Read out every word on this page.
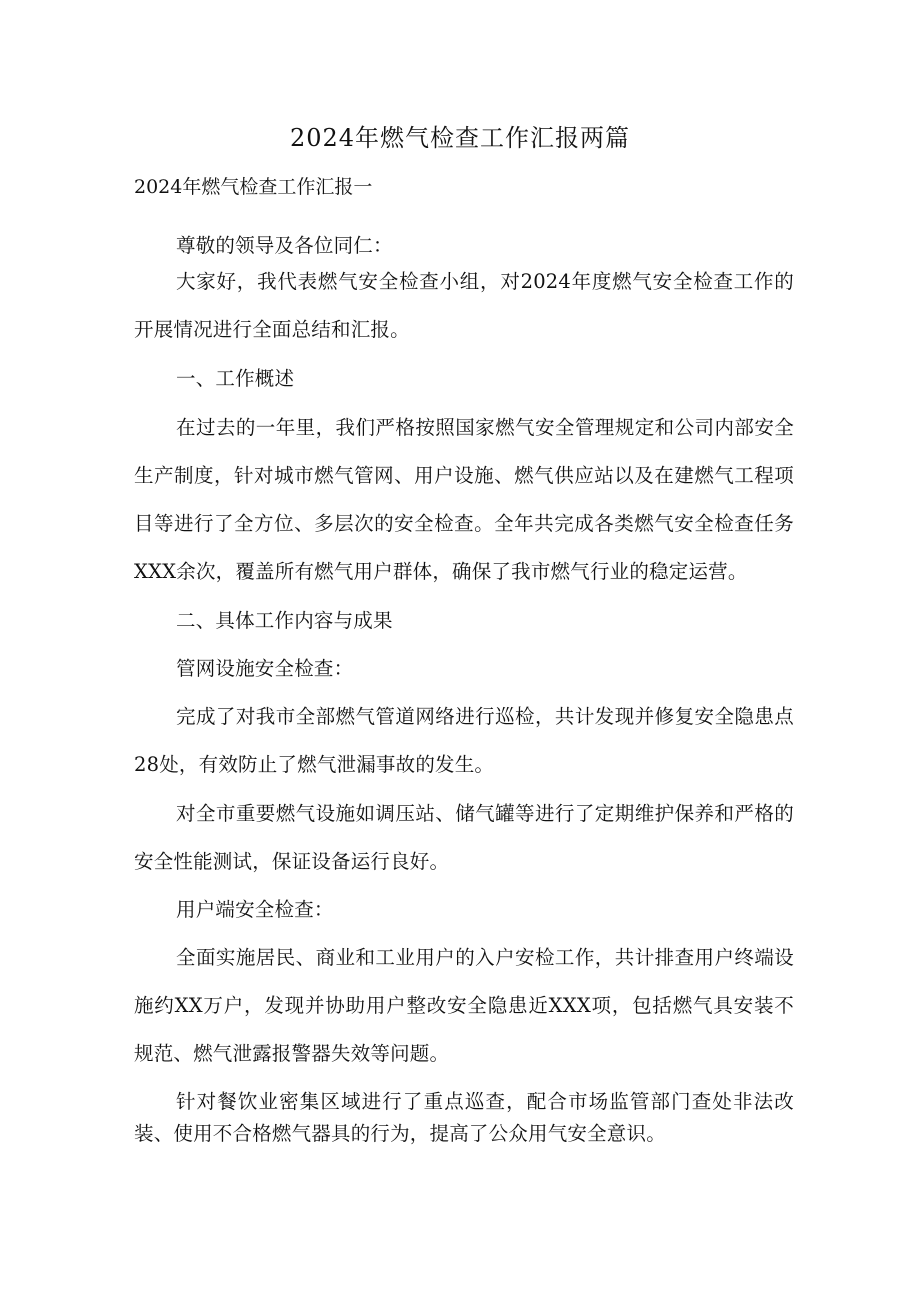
2024年燃气检查工作汇报两篇

2024年燃气检查工作汇报一

尊敬的领导及各位同仁：

大家好，我代表燃气安全检查小组，对2024年度燃气安全检查工作的开展情况进行全面总结和汇报。

一、工作概述

在过去的一年里，我们严格按照国家燃气安全管理规定和公司内部安全生产制度，针对城市燃气管网、用户设施、燃气供应站以及在建燃气工程项目等进行了全方位、多层次的安全检查。全年共完成各类燃气安全检查任务XXX余次，覆盖所有燃气用户群体，确保了我市燃气行业的稳定运营。

二、具体工作内容与成果

管网设施安全检查：

完成了对我市全部燃气管道网络进行巡检，共计发现并修复安全隐患点28处，有效防止了燃气泄漏事故的发生。

对全市重要燃气设施如调压站、储气罐等进行了定期维护保养和严格的安全性能测试，保证设备运行良好。

用户端安全检查：

全面实施居民、商业和工业用户的入户安检工作，共计排查用户终端设施约XX万户，发现并协助用户整改安全隐患近XXX项，包括燃气具安装不规范、燃气泄露报警器失效等问题。

针对餐饮业密集区域进行了重点巡查，配合市场监管部门查处非法改装、使用不合格燃气器具的行为，提高了公众用气安全意识。
